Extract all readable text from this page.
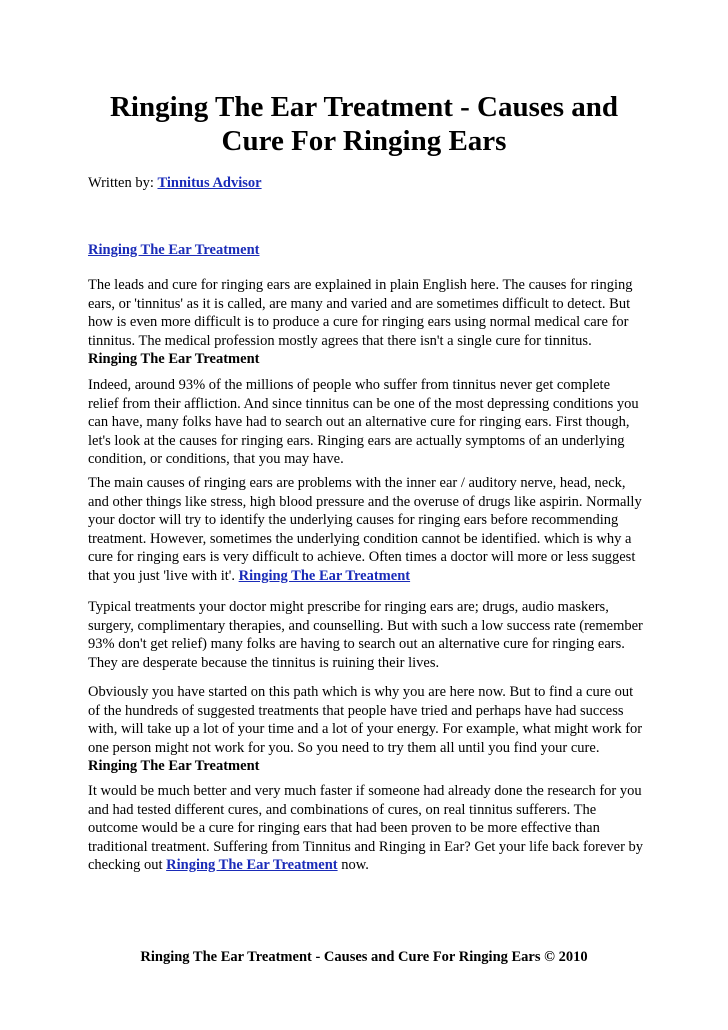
Ringing The Ear Treatment - Causes and Cure For Ringing Ears

Written by: Tinnitus Advisor

Ringing The Ear Treatment

The leads and cure for ringing ears are explained in plain English here. The causes for ringing ears, or 'tinnitus' as it is called, are many and varied and are sometimes difficult to detect. But how is even more difficult is to produce a cure for ringing ears using normal medical care for tinnitus. The medical profession mostly agrees that there isn't a single cure for tinnitus.
Ringing The Ear Treatment

Indeed, around 93% of the millions of people who suffer from tinnitus never get complete relief from their affliction. And since tinnitus can be one of the most depressing conditions you can have, many folks have had to search out an alternative cure for ringing ears. First though, let's look at the causes for ringing ears. Ringing ears are actually symptoms of an underlying condition, or conditions, that you may have.

The main causes of ringing ears are problems with the inner ear / auditory nerve, head, neck, and other things like stress, high blood pressure and the overuse of drugs like aspirin. Normally your doctor will try to identify the underlying causes for ringing ears before recommending treatment. However, sometimes the underlying condition cannot be identified. which is why a cure for ringing ears is very difficult to achieve. Often times a doctor will more or less suggest that you just 'live with it'. Ringing The Ear Treatment

Typical treatments your doctor might prescribe for ringing ears are; drugs, audio maskers, surgery, complimentary therapies, and counselling. But with such a low success rate (remember 93% don't get relief) many folks are having to search out an alternative cure for ringing ears. They are desperate because the tinnitus is ruining their lives.

Obviously you have started on this path which is why you are here now. But to find a cure out of the hundreds of suggested treatments that people have tried and perhaps have had success with, will take up a lot of your time and a lot of your energy. For example, what might work for one person might not work for you. So you need to try them all until you find your cure. Ringing The Ear Treatment

It would be much better and very much faster if someone had already done the research for you and had tested different cures, and combinations of cures, on real tinnitus sufferers. The outcome would be a cure for ringing ears that had been proven to be more effective than traditional treatment. Suffering from Tinnitus and Ringing in Ear? Get your life back forever by checking out Ringing The Ear Treatment now.

Ringing The Ear Treatment - Causes and Cure For Ringing Ears © 2010
